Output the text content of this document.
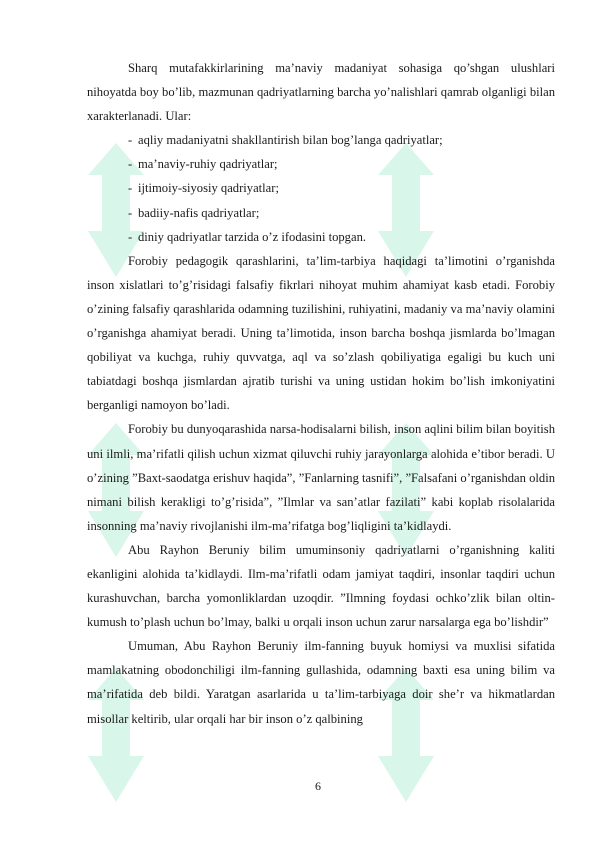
Sharq mutafakkirlarining ma’naviy madaniyat sohasiga qo’shgan ulushlari nihoyatda boy bo’lib, mazmunan qadriyatlarning barcha yo’nalishlari qamrab olganligi bilan xarakterlanadi. Ular:

- aqliy madaniyatni shakllantirish bilan bog’langa qadriyatlar;
- ma’naviy-ruhiy qadriyatlar;
- ijtimoiy-siyosiy qadriyatlar;
- badiiy-nafis qadriyatlar;
- diniy qadriyatlar tarzida o’z ifodasini topgan.

Forobiy pedagogik qarashlarini, ta’lim-tarbiya haqidagi ta’limotini o’rganishda inson xislatlari to’g’risidagi falsafiy fikrlari nihoyat muhim ahamiyat kasb etadi. Forobiy o’zining falsafiy qarashlarida odamning tuzilishini, ruhiyatini, madaniy va ma’naviy olamini o’rganishga ahamiyat beradi. Uning ta’limotida, inson barcha boshqa jismlarda bo’lmagan qobiliyat va kuchga, ruhiy quvvatga, aql va so’zlash qobiliyatiga egaligi bu kuch uni tabiatdagi boshqa jismlardan ajratib turishi va uning ustidan hokim bo’lish imkoniyatini berganligi namoyon bo’ladi.

Forobiy bu dunyoqarashida narsa-hodisalarni bilish, inson aqlini bilim bilan boyitish uni ilmli, ma’rifatli qilish uchun xizmat qiluvchi ruhiy jarayonlarga alohida e’tibor beradi. U o’zining ”Baxt-saodatga erishuv haqida”, ”Fanlarning tasnifi”, ”Falsafani o’rganishdan oldin nimani bilish kerakligi to’g’risida”, ”Ilmlar va san’atlar fazilati” kabi koplab risolalarida insonning ma’naviy rivojlanishi ilm-ma’rifatga bog’liqligini ta’kidlaydi.

Abu Rayhon Beruniy bilim umuminsoniy qadriyatlarni o’rganishning kaliti ekanligini alohida ta’kidlaydi. Ilm-ma’rifatli odam jamiyat taqdiri, insonlar taqdiri uchun kurashuvchan, barcha yomonliklardan uzoqdir. ”Ilmning foydasi ochko’zlik bilan oltin-kumush to’plash uchun bo’lmay, balki u orqali inson uchun zarur narsalarga ega bo’lishdir”

Umuman, Abu Rayhon Beruniy ilm-fanning buyuk homiysi va muxlisi sifatida mamlakatning obodonchiligi ilm-fanning gullashida, odamning baxti esa uning bilim va ma’rifatida deb bildi. Yaratgan asarlarida u ta’lim-tarbiyaga doir she’r va hikmatlardan misollar keltirib, ular orqali har bir inson o’z qalbining

6
